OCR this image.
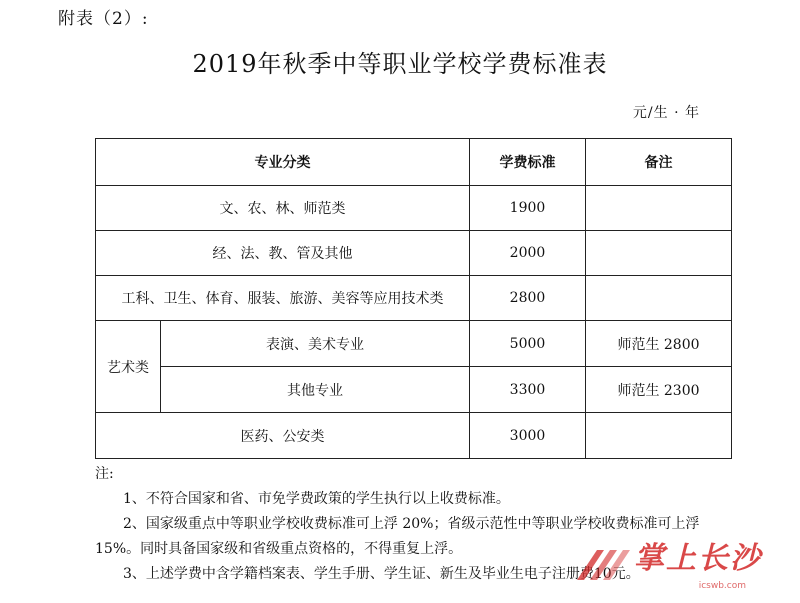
附表（2）:
2019年秋季中等职业学校学费标准表
元/生 · 年
专业分类		学费标准	备注
文、农、林、师范类		1900	
经、法、教、管及其他		2000	
工科、卫生、体育、服装、旅游、美容等应用技术类		2800	
艺术类	表演、美术专业	5000	师范生 2800
	其他专业	3300	师范生 2300
医药、公安类		3000	

注:

1、不符合国家和省、市免学费政策的学生执行以上收费标准。

2、国家级重点中等职业学校收费标准可上浮 20%；省级示范性中等职业学校收费标准可上浮 15%。同时具备国家级和省级重点资格的，不得重复上浮。

3、上述学费中含学籍档案表、学生手册、学生证、新生及毕业生电子注册费10元。

掌上长沙
icswb.com
